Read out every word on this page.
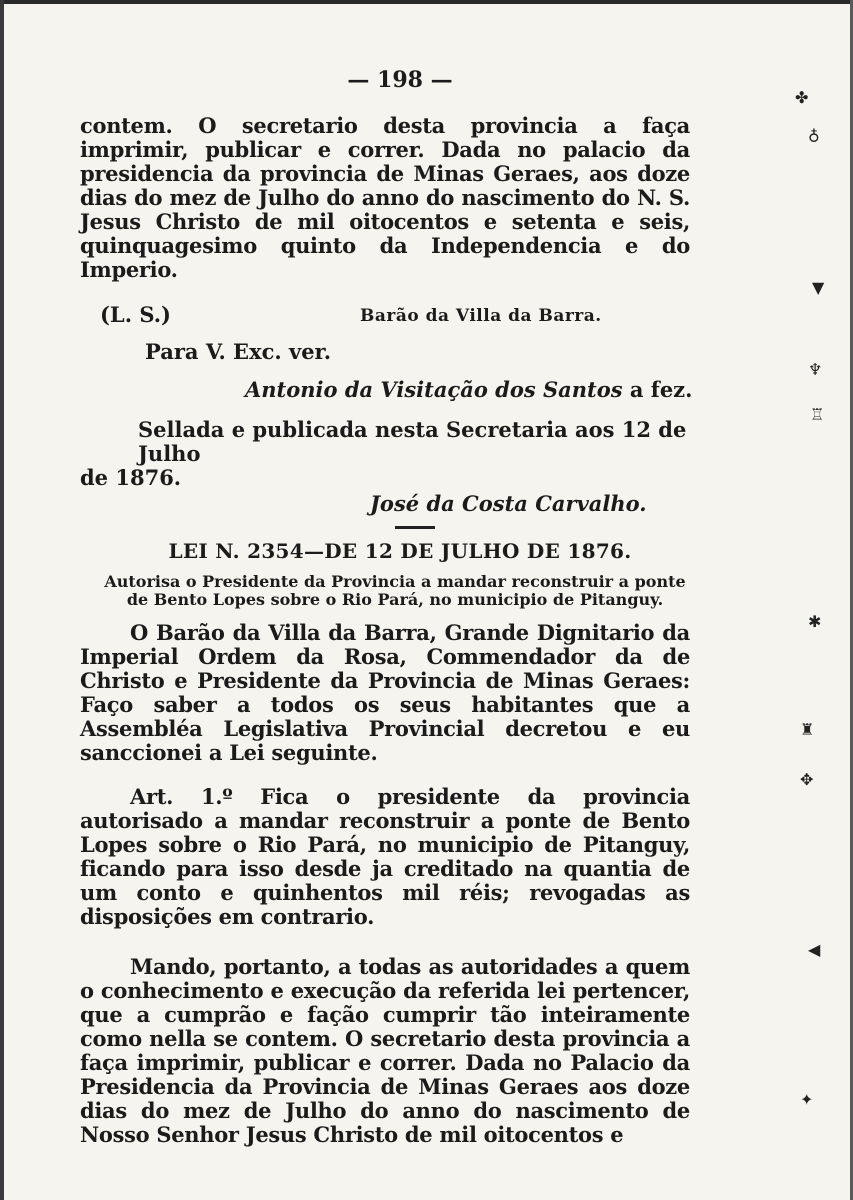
✤
♁
▼
♆
♖
✱
♜
✥
◀
✦
— 198 —

contem. O secretario desta provincia a faça imprimir, publicar e correr. Dada no palacio da presidencia da provincia de Minas Geraes, aos doze dias do mez de Julho do anno do nascimento do N. S. Jesus Christo de mil oitocentos e setenta e seis, quinquagesimo quinto da Independencia e do Imperio.

(L. S.)	Barão da Villa da Barra.
Para V. Exc. ver.
Antonio da Visitação dos Santos a fez.
Sellada e publicada nesta Secretaria aos 12 de Julho
de 1876.
José da Costa Carvalho.
LEI N. 2354—DE 12 DE JULHO DE 1876.

Autorisa o Presidente da Provincia a mandar reconstruir a ponte de Bento Lopes sobre o Rio Pará, no municipio de Pitanguy.

O Barão da Villa da Barra, Grande Dignitario da Imperial Ordem da Rosa, Commendador da de Christo e Presidente da Provincia de Minas Geraes: Faço saber a todos os seus habitantes que a Assembléa Legislativa Provincial decretou e eu sanccionei a Lei seguinte.

Art. 1.º Fica o presidente da provincia autorisado a mandar reconstruir a ponte de Bento Lopes sobre o Rio Pará, no municipio de Pitanguy, ficando para isso desde ja creditado na quantia de um conto e quinhentos mil réis; revogadas as disposições em contrario.

Mando, portanto, a todas as autoridades a quem o conhecimento e execução da referida lei pertencer, que a cumprão e fação cumprir tão inteiramente como nella se contem. O secretario desta provincia a faça imprimir, publicar e correr. Dada no Palacio da Presidencia da Provincia de Minas Geraes aos doze dias do mez de Julho do anno do nascimento de Nosso Senhor Jesus Christo de mil oitocentos e
